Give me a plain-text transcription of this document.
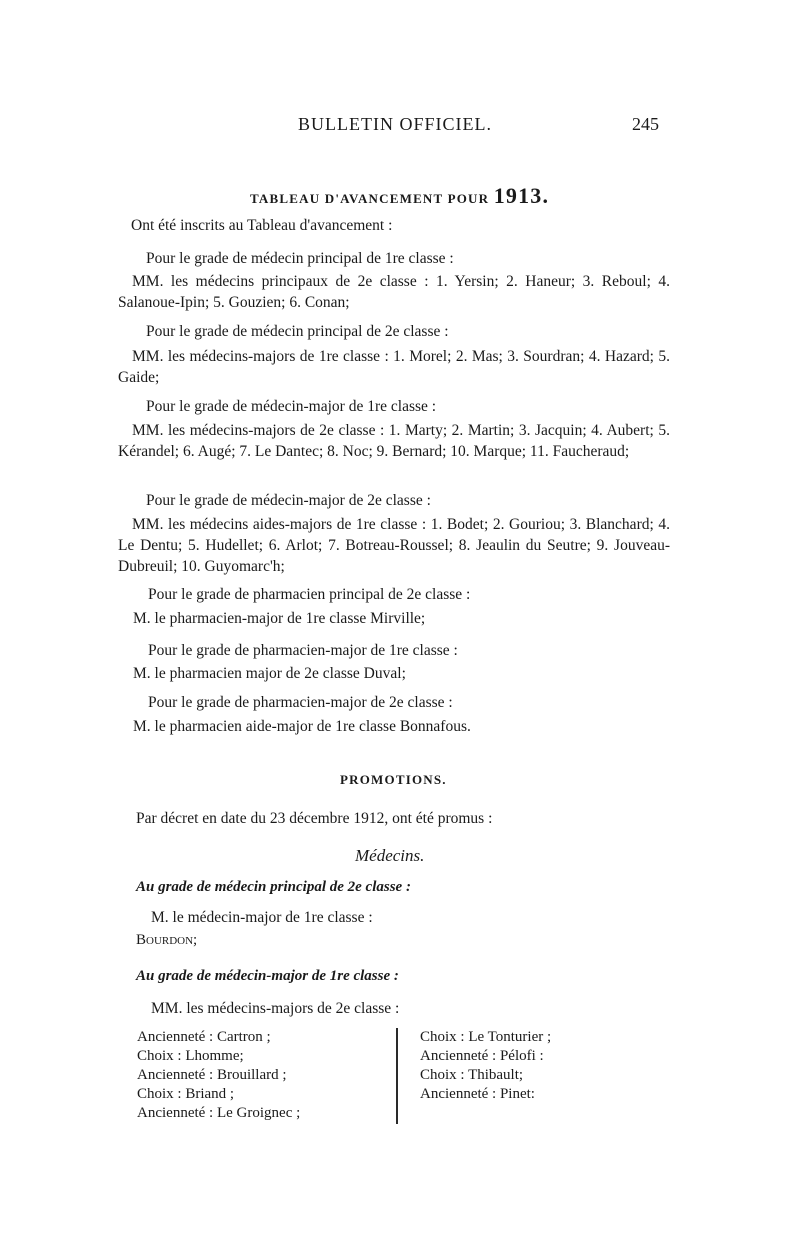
BULLETIN OFFICIEL.	245
TABLEAU D'AVANCEMENT POUR 1913.
Ont été inscrits au Tableau d'avancement :
Pour le grade de médecin principal de 1re classe :
MM. les médecins principaux de 2e classe : 1. Yersin; 2. Haneur; 3. Reboul; 4. Salanoue-Ipin; 5. Gouzien; 6. Conan;
Pour le grade de médecin principal de 2e classe :
MM. les médecins-majors de 1re classe : 1. Morel; 2. Mas; 3. Sourdran; 4. Hazard; 5. Gaide;
Pour le grade de médecin-major de 1re classe :
MM. les médecins-majors de 2e classe : 1. Marty; 2. Martin; 3. Jacquin; 4. Aubert; 5. Kérandel; 6. Augé; 7. Le Dantec; 8. Noc; 9. Bernard; 10. Marque; 11. Faucheraud;
Pour le grade de médecin-major de 2e classe :
MM. les médecins aides-majors de 1re classe : 1. Bodet; 2. Gouriou; 3. Blanchard; 4. Le Dentu; 5. Hudellet; 6. Arlot; 7. Botreau-Roussel; 8. Jeaulin du Seutre; 9. Jouveau-Dubreuil; 10. Guyomarc'h;
Pour le grade de pharmacien principal de 2e classe :
M. le pharmacien-major de 1re classe Mirville;
Pour le grade de pharmacien-major de 1re classe :
M. le pharmacien major de 2e classe Duval;
Pour le grade de pharmacien-major de 2e classe :
M. le pharmacien aide-major de 1re classe Bonnafous.
PROMOTIONS.
Par décret en date du 23 décembre 1912, ont été promus :
Médecins.
Au grade de médecin principal de 2e classe :
M. le médecin-major de 1re classe :
Bourdon;
Au grade de médecin-major de 1re classe :
MM. les médecins-majors de 2e classe :
Ancienneté : Cartron ;
Choix : Lhomme;
Ancienneté : Brouillard ;
Choix : Briand ;
Ancienneté : Le Groignec ;
Choix : Le Tonturier ;
Ancienneté : Pélofi :
Choix : Thibault;
Ancienneté : Pinet:
